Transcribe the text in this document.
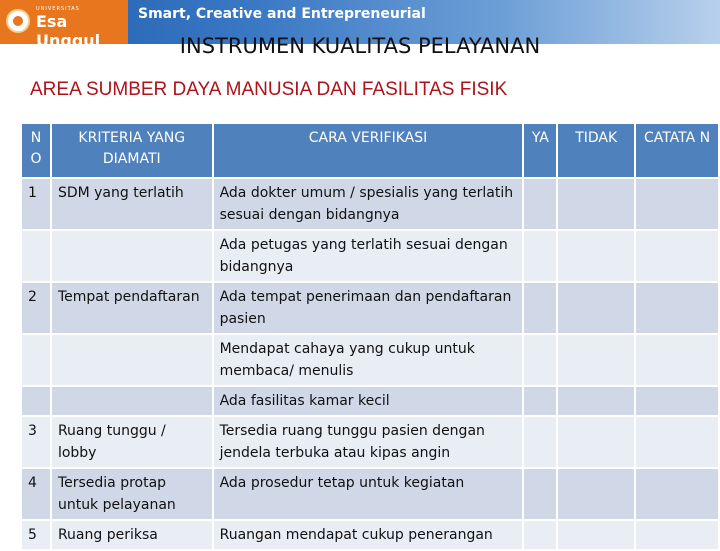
UNIVERSITAS
Esa Unggul
Smart, Creative and Entrepreneurial
INSTRUMEN KUALITAS PELAYANAN
AREA SUMBER DAYA MANUSIA DAN FASILITAS FISIK
N O	KRITERIA YANG DIAMATI	CARA VERIFIKASI	YA	TIDAK	CATATA N
1	SDM yang terlatih	Ada dokter umum / spesialis yang terlatih sesuai dengan bidangnya			
		Ada petugas yang terlatih sesuai dengan bidangnya			
2	Tempat pendaftaran	Ada tempat penerimaan dan pendaftaran pasien			
		Mendapat cahaya yang cukup untuk membaca/ menulis			
		Ada fasilitas kamar kecil			
3	Ruang tunggu / lobby	Tersedia ruang tunggu pasien dengan jendela terbuka atau kipas angin			
4	Tersedia protap untuk pelayanan	Ada prosedur tetap untuk kegiatan			
5	Ruang periksa	Ruangan mendapat cukup penerangan			
